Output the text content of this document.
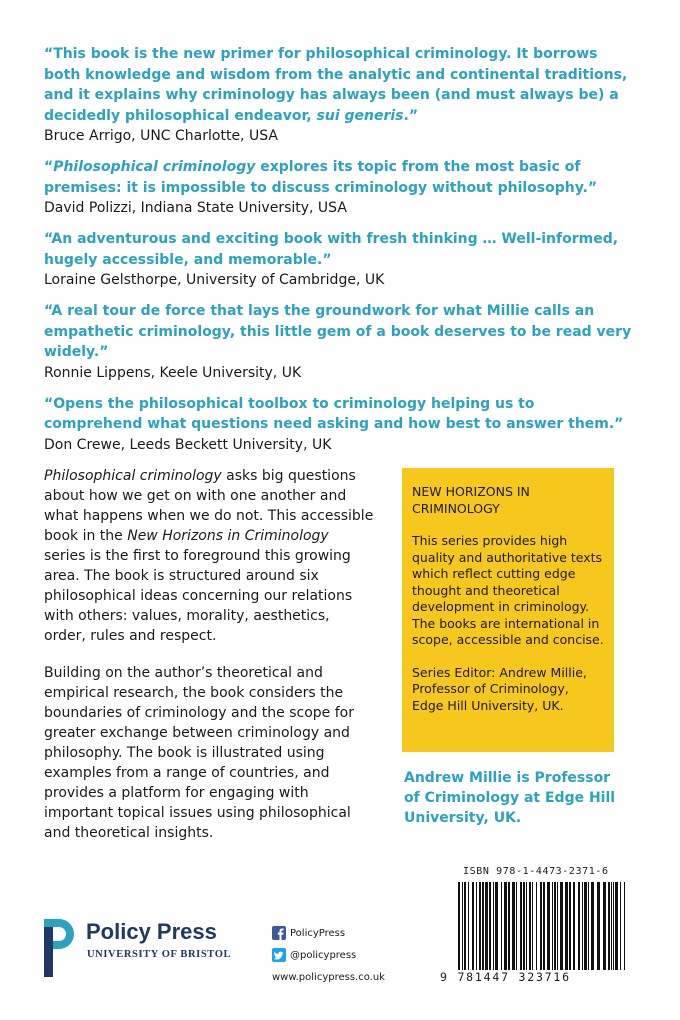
“This book is the new primer for philosophical criminology. It borrows both knowledge and wisdom from the analytic and continental traditions, and it explains why criminology has always been (and must always be) a decidedly philosophical endeavor, sui generis.”
Bruce Arrigo, UNC Charlotte, USA
“Philosophical criminology explores its topic from the most basic of premises: it is impossible to discuss criminology without philosophy.”
David Polizzi, Indiana State University, USA
“An adventurous and exciting book with fresh thinking … Well-informed, hugely accessible, and memorable.”
Loraine Gelsthorpe, University of Cambridge, UK
“A real tour de force that lays the groundwork for what Millie calls an empathetic criminology, this little gem of a book deserves to be read very widely.”
Ronnie Lippens, Keele University, UK
“Opens the philosophical toolbox to criminology helping us to comprehend what questions need asking and how best to answer them.”
Don Crewe, Leeds Beckett University, UK

Philosophical criminology asks big questions about how we get on with one another and what happens when we do not. This accessible book in the New Horizons in Criminology series is the first to foreground this growing area. The book is structured around six philosophical ideas concerning our relations with others: values, morality, aesthetics, order, rules and respect.

Building on the author’s theoretical and empirical research, the book considers the boundaries of criminology and the scope for greater exchange between criminology and philosophy. The book is illustrated using examples from a range of countries, and provides a platform for engaging with important topical issues using philosophical and theoretical insights.

NEW HORIZONS IN CRIMINOLOGY
This series provides high quality and authoritative texts which reflect cutting edge thought and theoretical development in criminology. The books are international in scope, accessible and concise.
Series Editor: Andrew Millie, Professor of Criminology, Edge Hill University, UK.
Andrew Millie is Professor of Criminology at Edge Hill University, UK.
Policy Press
UNIVERSITY OF BRISTOL
PolicyPress
@policypress
www.policypress.co.uk
ISBN 978-1-4473-2371-6
9 781447 323716
